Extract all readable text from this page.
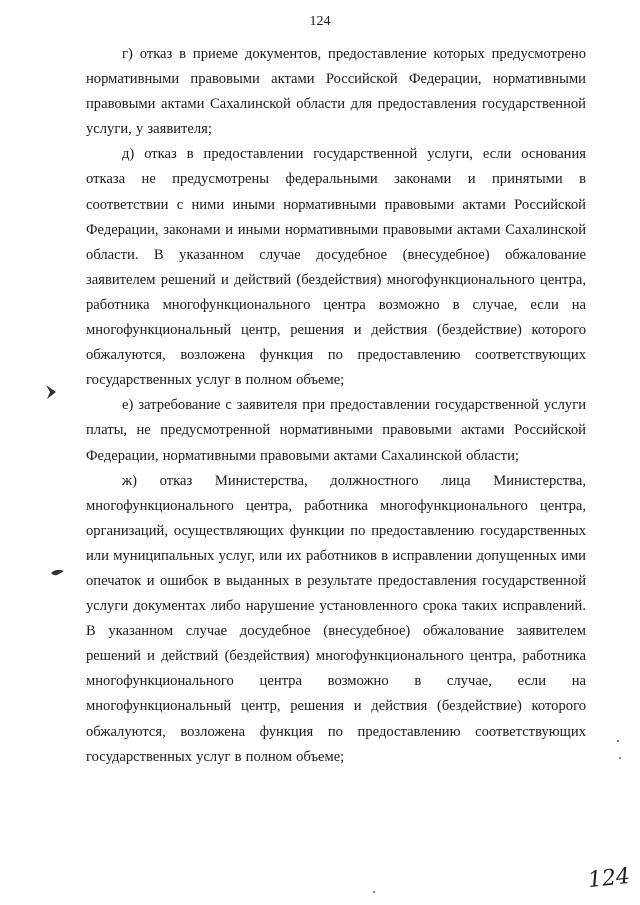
124

г) отказ в приеме документов, предоставление которых предусмотрено нормативными правовыми актами Российской Федерации, нормативными правовыми актами Сахалинской области для предоставления государственной услуги, у заявителя;

д) отказ в предоставлении государственной услуги, если основания отказа не предусмотрены федеральными законами и принятыми в соответствии с ними иными нормативными правовыми актами Российской Федерации, законами и иными нормативными правовыми актами Сахалинской области. В указанном случае досудебное (внесудебное) обжалование заявителем решений и действий (бездействия) многофункционального центра, работника многофункционального центра возможно в случае, если на многофункциональный центр, решения и действия (бездействие) которого обжалуются, возложена функция по предоставлению соответствующих государственных услуг в полном объеме;

е) затребование с заявителя при предоставлении государственной услуги платы, не предусмотренной нормативными правовыми актами Российской Федерации, нормативными правовыми актами Сахалинской области;

ж) отказ Министерства, должностного лица Министерства, многофункционального центра, работника многофункционального центра, организаций, осуществляющих функции по предоставлению государственных или муниципальных услуг, или их работников в исправлении допущенных ими опечаток и ошибок в выданных в результате предоставления государственной услуги документах либо нарушение установленного срока таких исправлений. В указанном случае досудебное (внесудебное) обжалование заявителем решений и действий (бездействия) многофункционального центра, работника многофункционального центра возможно в случае, если на многофункциональный центр, решения и действия (бездействие) которого обжалуются, возложена функция по предоставлению соответствующих государственных услуг в полном объеме;

124
